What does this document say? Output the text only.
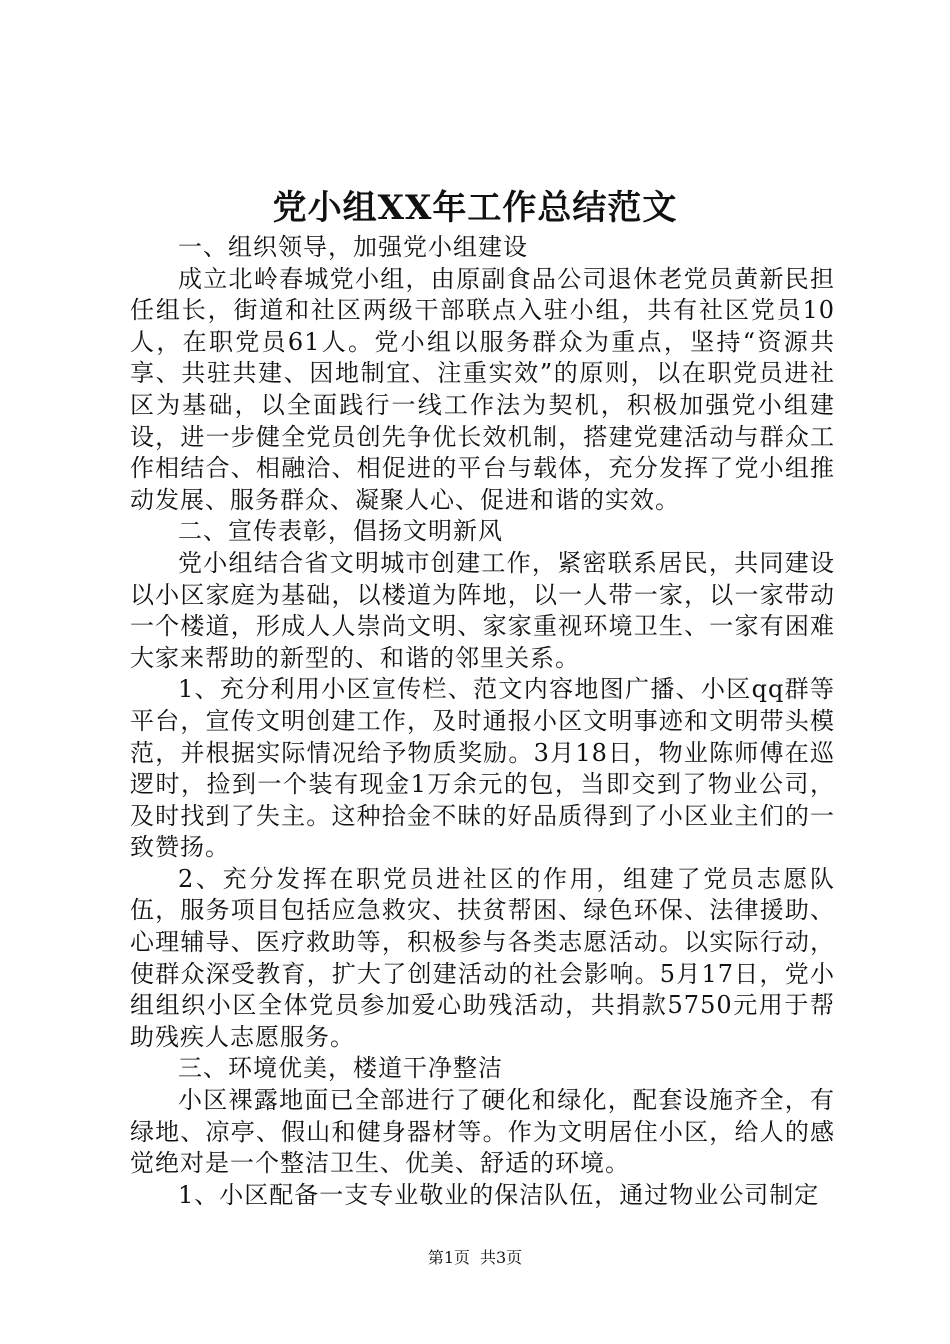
党小组XX年工作总结范文

一、组织领导，加强党小组建设

成立北岭春城党小组，由原副食品公司退休老党员黄新民担任组长，街道和社区两级干部联点入驻小组，共有社区党员10人，在职党员61人。党小组以服务群众为重点，坚持“资源共享、共驻共建、因地制宜、注重实效”的原则，以在职党员进社区为基础，以全面践行一线工作法为契机，积极加强党小组建设，进一步健全党员创先争优长效机制，搭建党建活动与群众工作相结合、相融洽、相促进的平台与载体，充分发挥了党小组推动发展、服务群众、凝聚人心、促进和谐的实效。

二、宣传表彰，倡扬文明新风

党小组结合省文明城市创建工作，紧密联系居民，共同建设以小区家庭为基础，以楼道为阵地，以一人带一家，以一家带动一个楼道，形成人人崇尚文明、家家重视环境卫生、一家有困难大家来帮助的新型的、和谐的邻里关系。

1、充分利用小区宣传栏、范文内容地图广播、小区qq群等平台，宣传文明创建工作，及时通报小区文明事迹和文明带头模范，并根据实际情况给予物质奖励。3月18日，物业陈师傅在巡逻时，捡到一个装有现金1万余元的包，当即交到了物业公司，及时找到了失主。这种拾金不昧的好品质得到了小区业主们的一致赞扬。

2、充分发挥在职党员进社区的作用，组建了党员志愿队伍，服务项目包括应急救灾、扶贫帮困、绿色环保、法律援助、心理辅导、医疗救助等，积极参与各类志愿活动。以实际行动，使群众深受教育，扩大了创建活动的社会影响。5月17日，党小组组织小区全体党员参加爱心助残活动，共捐款5750元用于帮助残疾人志愿服务。

三、环境优美，楼道干净整洁

小区裸露地面已全部进行了硬化和绿化，配套设施齐全，有绿地、凉亭、假山和健身器材等。作为文明居住小区，给人的感觉绝对是一个整洁卫生、优美、舒适的环境。

1、小区配备一支专业敬业的保洁队伍，通过物业公司制定

第1页 共3页
